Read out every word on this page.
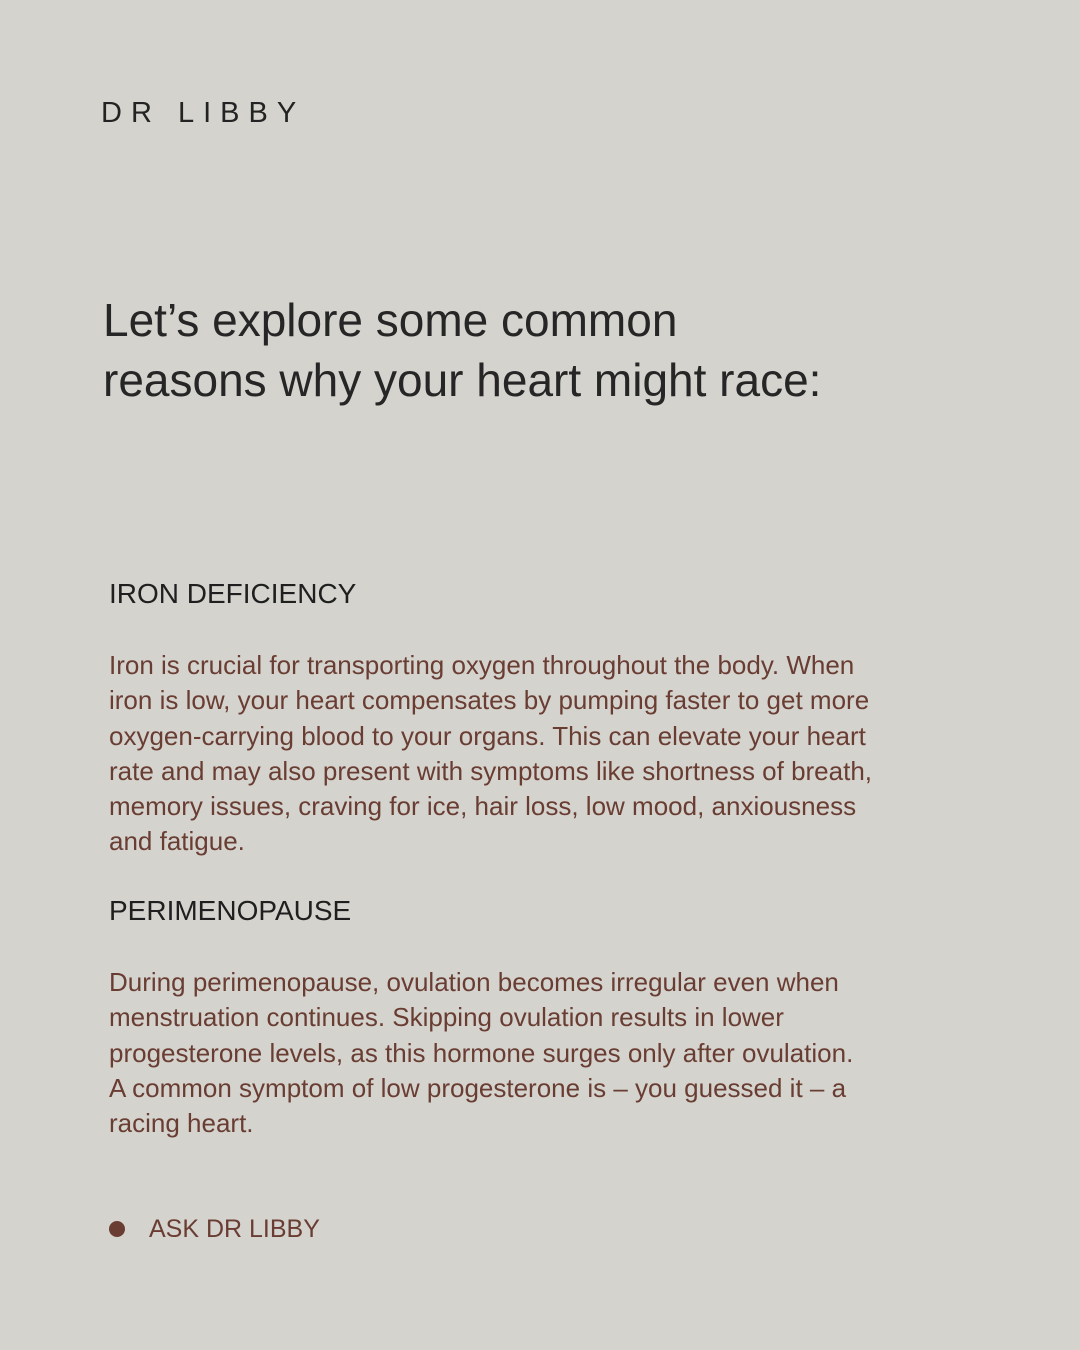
DR LIBBY
Let’s explore some common
reasons why your heart might race:
IRON DEFICIENCY

Iron is crucial for transporting oxygen throughout the body. When
iron is low, your heart compensates by pumping faster to get more
oxygen-carrying blood to your organs. This can elevate your heart
rate and may also present with symptoms like shortness of breath,
memory issues, craving for ice, hair loss, low mood, anxiousness
and fatigue.

PERIMENOPAUSE

During perimenopause, ovulation becomes irregular even when
menstruation continues. Skipping ovulation results in lower
progesterone levels, as this hormone surges only after ovulation.
A common symptom of low progesterone is – you guessed it – a
racing heart.

ASK DR LIBBY
